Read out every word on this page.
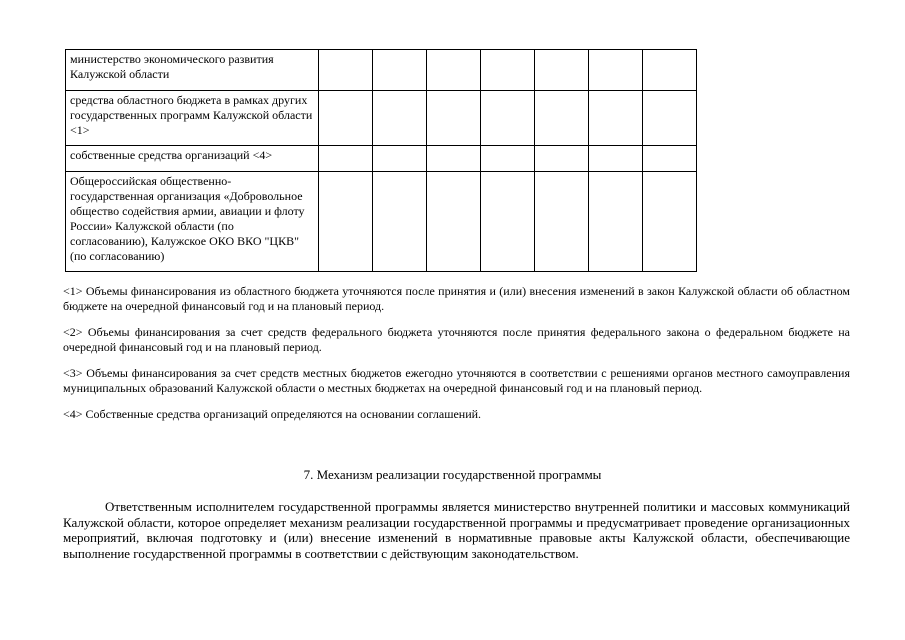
министерство экономического развития Калужской области							
средства областного бюджета в рамках других государственных программ Калужской области <1>							
собственные средства организаций <4>							
Общероссийская общественно-государственная организация «Добровольное общество содействия армии, авиации и флоту России» Калужской области (по согласованию), Калужское ОКО ВКО "ЦКВ" (по согласованию)							

<1> Объемы финансирования из областного бюджета уточняются после принятия и (или) внесения изменений в закон Калужской области об областном бюджете на очередной финансовый год и на плановый период.

<2> Объемы финансирования за счет средств федерального бюджета уточняются после принятия федерального закона о федеральном бюджете на очередной финансовый год и на плановый период.

<3> Объемы финансирования за счет средств местных бюджетов ежегодно уточняются в соответствии с решениями органов местного самоуправления муниципальных образований Калужской области о местных бюджетах на очередной финансовый год и на плановый период.

<4> Собственные средства организаций определяются на основании соглашений.

7. Механизм реализации государственной программы

Ответственным исполнителем государственной программы является министерство внутренней политики и массовых коммуникаций Калужской области, которое определяет механизм реализации государственной программы и предусматривает проведение организационных мероприятий, включая подготовку и (или) внесение изменений в нормативные правовые акты Калужской области, обеспечивающие выполнение государственной программы в соответствии с действующим законодательством.
